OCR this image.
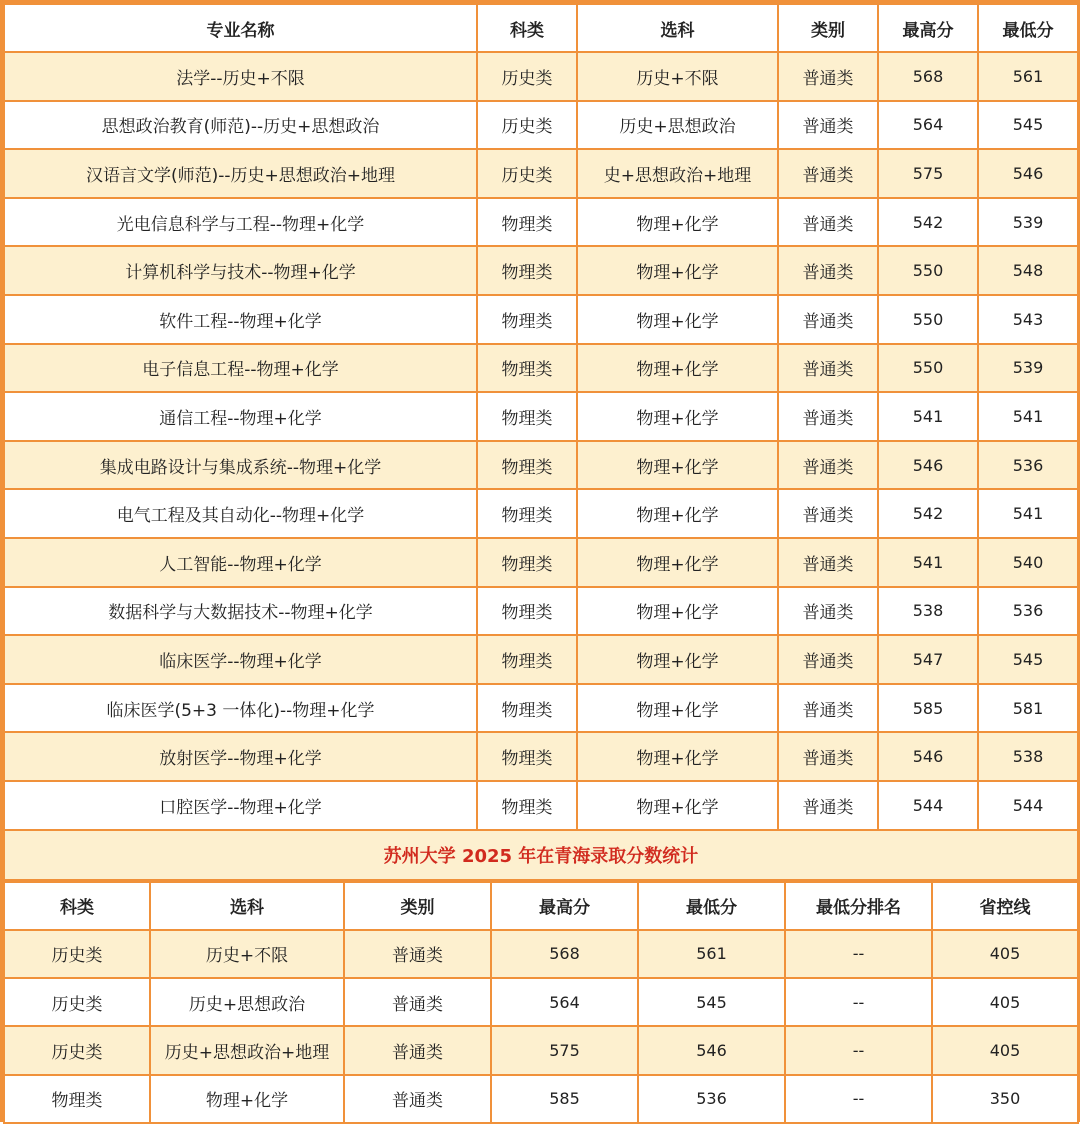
专业名称	科类	选科	类别	最高分	最低分
法学--历史+不限	历史类	历史+不限	普通类	568	561
思想政治教育(师范)--历史+思想政治	历史类	历史+思想政治	普通类	564	545
汉语言文学(师范)--历史+思想政治+地理	历史类	史+思想政治+地理	普通类	575	546
光电信息科学与工程--物理+化学	物理类	物理+化学	普通类	542	539
计算机科学与技术--物理+化学	物理类	物理+化学	普通类	550	548
软件工程--物理+化学	物理类	物理+化学	普通类	550	543
电子信息工程--物理+化学	物理类	物理+化学	普通类	550	539
通信工程--物理+化学	物理类	物理+化学	普通类	541	541
集成电路设计与集成系统--物理+化学	物理类	物理+化学	普通类	546	536
电气工程及其自动化--物理+化学	物理类	物理+化学	普通类	542	541
人工智能--物理+化学	物理类	物理+化学	普通类	541	540
数据科学与大数据技术--物理+化学	物理类	物理+化学	普通类	538	536
临床医学--物理+化学	物理类	物理+化学	普通类	547	545
临床医学(5+3 一体化)--物理+化学	物理类	物理+化学	普通类	585	581
放射医学--物理+化学	物理类	物理+化学	普通类	546	538
口腔医学--物理+化学	物理类	物理+化学	普通类	544	544
苏州大学 2025 年在青海录取分数统计					
科类	选科	类别	最高分	最低分	最低分排名	省控线
历史类	历史+不限	普通类	568	561	--	405
历史类	历史+思想政治	普通类	564	545	--	405
历史类	历史+思想政治+地理	普通类	575	546	--	405
物理类	物理+化学	普通类	585	536	--	350
